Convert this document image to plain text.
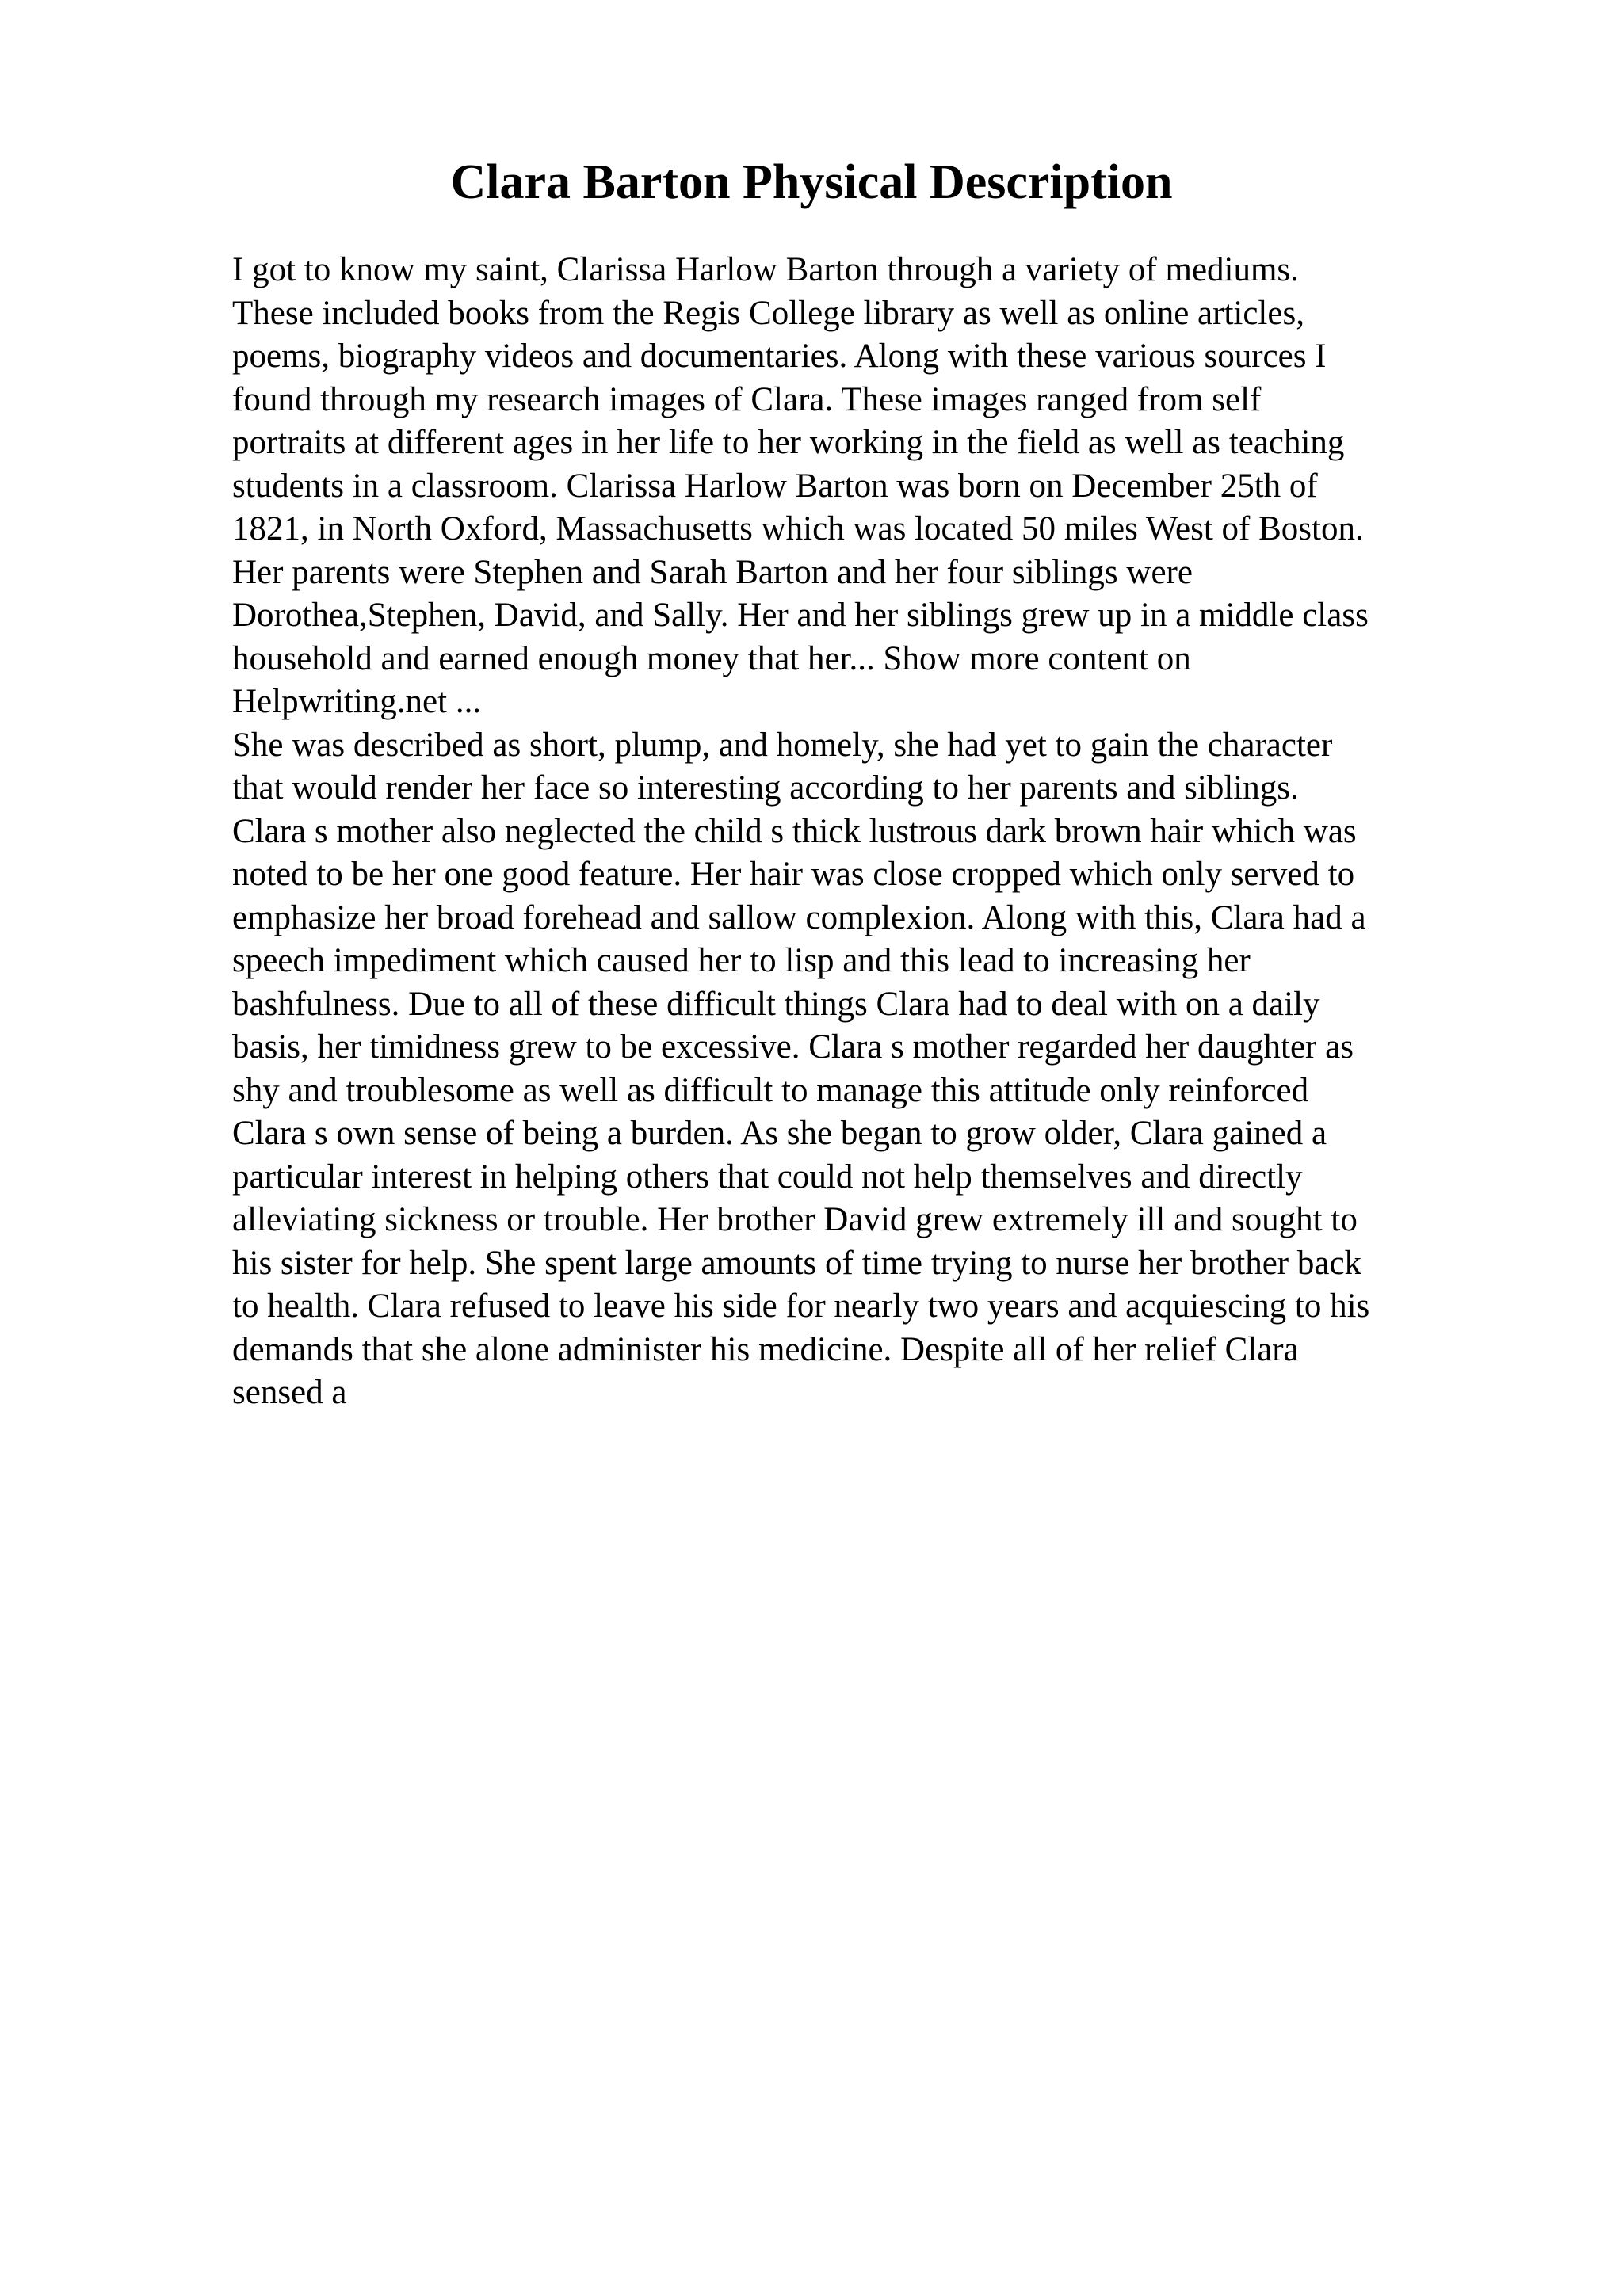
Clara Barton Physical Description
I got to know my saint, Clarissa Harlow Barton through a variety of mediums.
These included books from the Regis College library as well as online articles,
poems, biography videos and documentaries. Along with these various sources I
found through my research images of Clara. These images ranged from self
portraits at different ages in her life to her working in the field as well as teaching
students in a classroom. Clarissa Harlow Barton was born on December 25th of
1821, in North Oxford, Massachusetts which was located 50 miles West of Boston.
Her parents were Stephen and Sarah Barton and her four siblings were
Dorothea,Stephen, David, and Sally. Her and her siblings grew up in a middle class
household and earned enough money that her... Show more content on
Helpwriting.net ...
She was described as short, plump, and homely, she had yet to gain the character
that would render her face so interesting according to her parents and siblings.
Clara s mother also neglected the child s thick lustrous dark brown hair which was
noted to be her one good feature. Her hair was close cropped which only served to
emphasize her broad forehead and sallow complexion. Along with this, Clara had a
speech impediment which caused her to lisp and this lead to increasing her
bashfulness. Due to all of these difficult things Clara had to deal with on a daily
basis, her timidness grew to be excessive. Clara s mother regarded her daughter as
shy and troublesome as well as difficult to manage this attitude only reinforced
Clara s own sense of being a burden. As she began to grow older, Clara gained a
particular interest in helping others that could not help themselves and directly
alleviating sickness or trouble. Her brother David grew extremely ill and sought to
his sister for help. She spent large amounts of time trying to nurse her brother back
to health. Clara refused to leave his side for nearly two years and acquiescing to his
demands that she alone administer his medicine. Despite all of her relief Clara
sensed a
